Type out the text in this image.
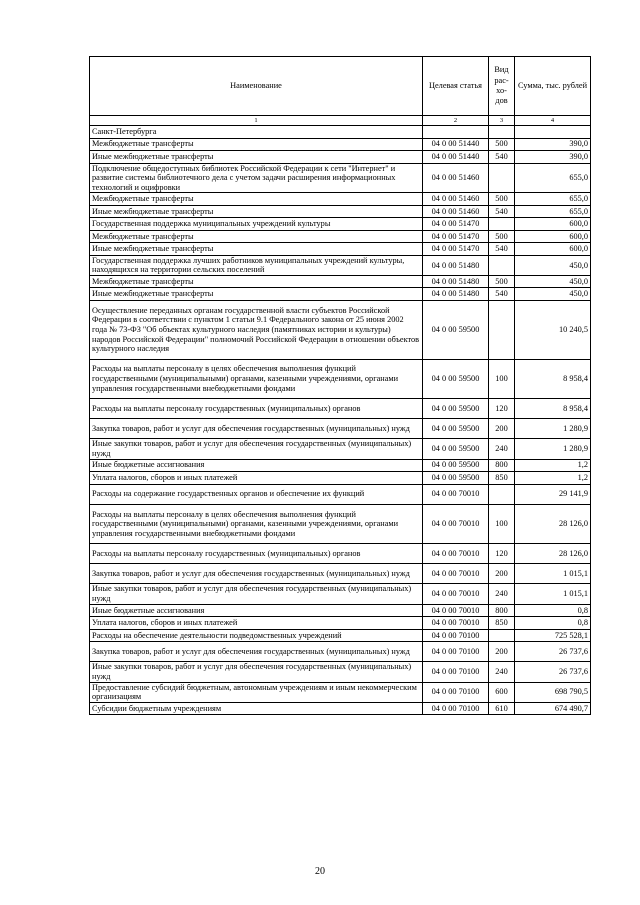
Наименование	Целевая статья	Вид рас- хо- дов	Сумма, тыс. рублей
1	2	3	4
Санкт-Петербурга			
Межбюджетные трансферты	04 0 00 51440	500	390,0
Иные межбюджетные трансферты	04 0 00 51440	540	390,0
Подключение общедоступных библиотек Российской Федерации к сети "Интернет" и развитие системы библиотечного дела с учетом задачи расширения информационных технологий и оцифровки	04 0 00 51460		655,0
Межбюджетные трансферты	04 0 00 51460	500	655,0
Иные межбюджетные трансферты	04 0 00 51460	540	655,0
Государственная поддержка муниципальных учреждений культуры	04 0 00 51470		600,0
Межбюджетные трансферты	04 0 00 51470	500	600,0
Иные межбюджетные трансферты	04 0 00 51470	540	600,0
Государственная поддержка лучших работников муниципальных учреждений культуры, находящихся на территории сельских поселений	04 0 00 51480		450,0
Межбюджетные трансферты	04 0 00 51480	500	450,0
Иные межбюджетные трансферты	04 0 00 51480	540	450,0
Осуществление переданных органам государственной власти субъектов Российской Федерации в соответствии с пунктом 1 статьи 9.1 Федерального закона от 25 июня 2002 года № 73-ФЗ "Об объектах культурного наследия (памятниках истории и культуры) народов Российской Федерации" полномочий Российской Федерации в отношении объектов культурного наследия	04 0 00 59500		10 240,5
Расходы на выплаты персоналу в целях обеспечения выполнения функций государственными (муниципальными) органами, казенными учреждениями, органами управления государственными внебюджетными фондами	04 0 00 59500	100	8 958,4
Расходы на выплаты персоналу государственных (муниципальных) органов	04 0 00 59500	120	8 958,4
Закупка товаров, работ и услуг для обеспечения государственных (муниципальных) нужд	04 0 00 59500	200	1 280,9
Иные закупки товаров, работ и услуг для обеспечения государственных (муниципальных) нужд	04 0 00 59500	240	1 280,9
Иные бюджетные ассигнования	04 0 00 59500	800	1,2
Уплата налогов, сборов и иных платежей	04 0 00 59500	850	1,2
Расходы на содержание государственных органов и обеспечение их функций	04 0 00 70010		29 141,9
Расходы на выплаты персоналу в целях обеспечения выполнения функций государственными (муниципальными) органами, казенными учреждениями, органами управления государственными внебюджетными фондами	04 0 00 70010	100	28 126,0
Расходы на выплаты персоналу государственных (муниципальных) органов	04 0 00 70010	120	28 126,0
Закупка товаров, работ и услуг для обеспечения государственных (муниципальных) нужд	04 0 00 70010	200	1 015,1
Иные закупки товаров, работ и услуг для обеспечения государственных (муниципальных) нужд	04 0 00 70010	240	1 015,1
Иные бюджетные ассигнования	04 0 00 70010	800	0,8
Уплата налогов, сборов и иных платежей	04 0 00 70010	850	0,8
Расходы на обеспечение деятельности подведомственных учреждений	04 0 00 70100		725 528,1
Закупка товаров, работ и услуг для обеспечения государственных (муниципальных) нужд	04 0 00 70100	200	26 737,6
Иные закупки товаров, работ и услуг для обеспечения государственных (муниципальных) нужд	04 0 00 70100	240	26 737,6
Предоставление субсидий бюджетным, автономным учреждениям и иным некоммерческим организациям	04 0 00 70100	600	698 790,5
Субсидии бюджетным учреждениям	04 0 00 70100	610	674 490,7
20
